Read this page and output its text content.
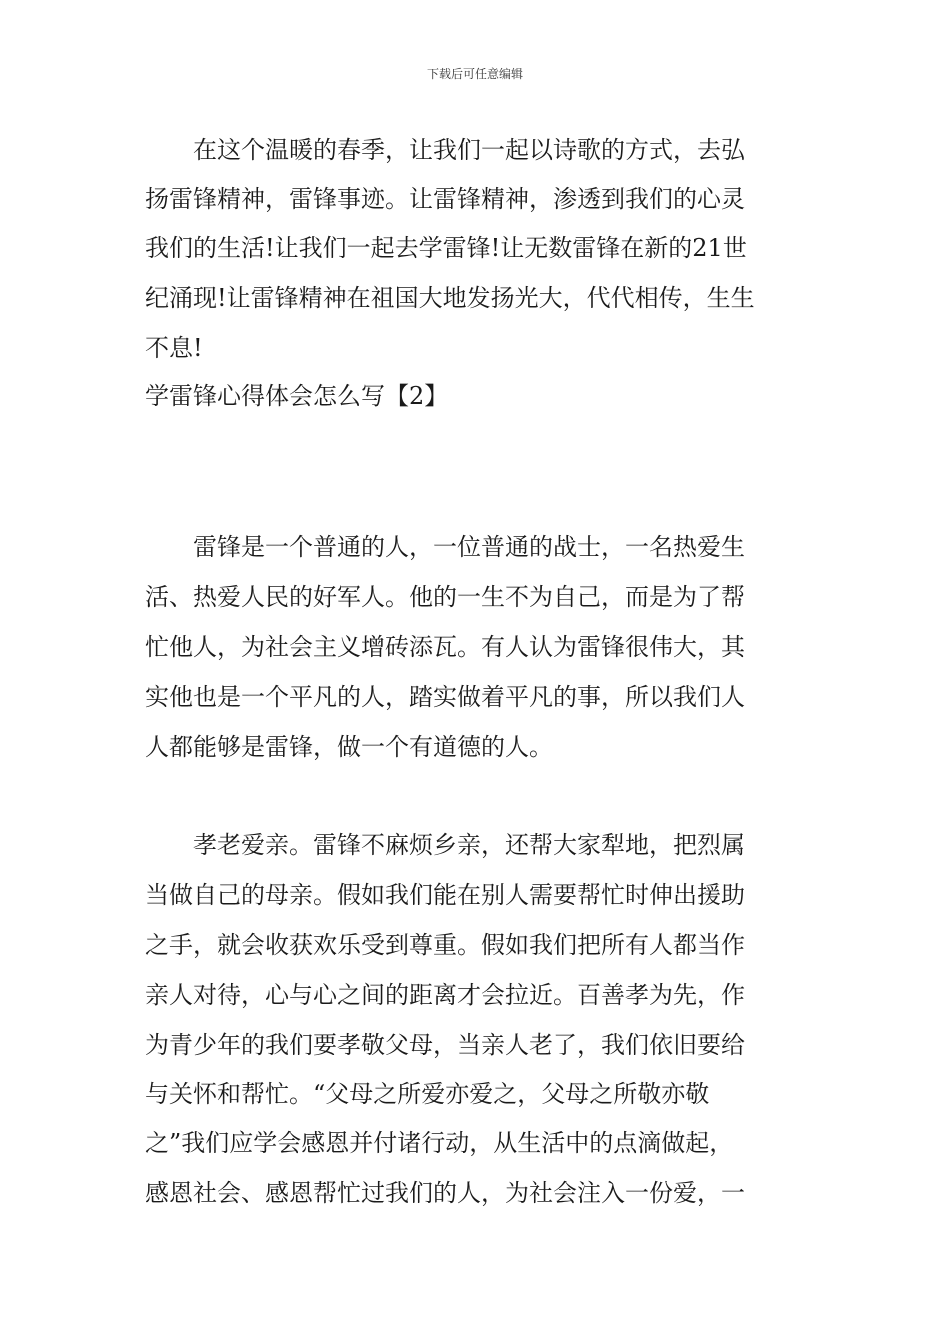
下载后可任意编辑
　　在这个温暖的春季，让我们一起以诗歌的方式，去弘
扬雷锋精神，雷锋事迹。让雷锋精神，渗透到我们的心灵
我们的生活!让我们一起去学雷锋!让无数雷锋在新的21世
纪涌现!让雷锋精神在祖国大地发扬光大，代代相传，生生
不息!
学雷锋心得体会怎么写【2】
　　雷锋是一个普通的人，一位普通的战士，一名热爱生
活、热爱人民的好军人。他的一生不为自己，而是为了帮
忙他人，为社会主义增砖添瓦。有人认为雷锋很伟大，其
实他也是一个平凡的人，踏实做着平凡的事，所以我们人
人都能够是雷锋，做一个有道德的人。
　　孝老爱亲。雷锋不麻烦乡亲，还帮大家犁地，把烈属
当做自己的母亲。假如我们能在别人需要帮忙时伸出援助
之手，就会收获欢乐受到尊重。假如我们把所有人都当作
亲人对待，心与心之间的距离才会拉近。百善孝为先，作
为青少年的我们要孝敬父母，当亲人老了，我们依旧要给
与关怀和帮忙。“父母之所爱亦爱之，父母之所敬亦敬
之”我们应学会感恩并付诸行动，从生活中的点滴做起，
感恩社会、感恩帮忙过我们的人，为社会注入一份爱，一
